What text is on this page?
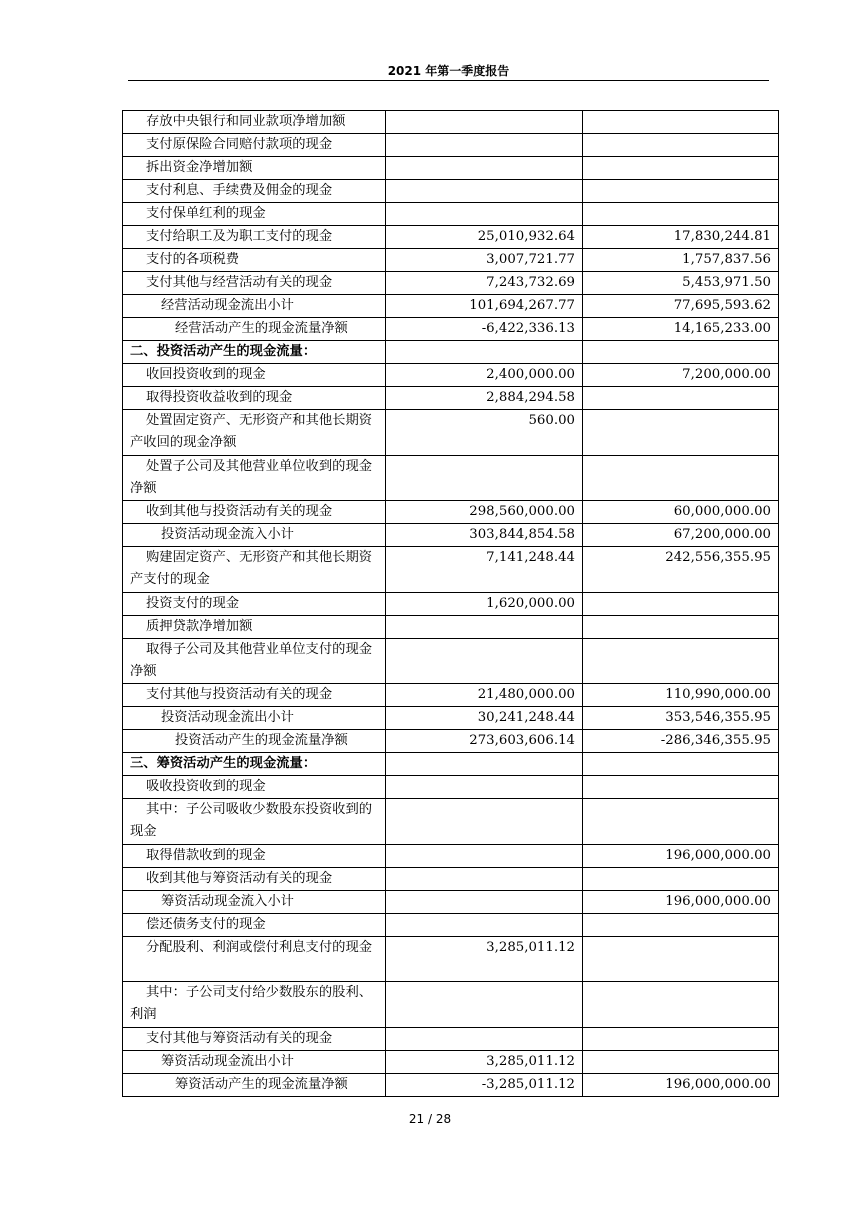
2021 年第一季度报告
存放中央银行和同业款项净增加额		
支付原保险合同赔付款项的现金		
拆出资金净增加额		
支付利息、手续费及佣金的现金		
支付保单红利的现金		
支付给职工及为职工支付的现金	25,010,932.64	17,830,244.81
支付的各项税费	3,007,721.77	1,757,837.56
支付其他与经营活动有关的现金	7,243,732.69	5,453,971.50
经营活动现金流出小计	101,694,267.77	77,695,593.62
经营活动产生的现金流量净额	-6,422,336.13	14,165,233.00
二、投资活动产生的现金流量：		
收回投资收到的现金	2,400,000.00	7,200,000.00
取得投资收益收到的现金	2,884,294.58	
处置固定资产、无形资产和其他长期资产收回的现金净额	560.00	
处置子公司及其他营业单位收到的现金净额		
收到其他与投资活动有关的现金	298,560,000.00	60,000,000.00
投资活动现金流入小计	303,844,854.58	67,200,000.00
购建固定资产、无形资产和其他长期资产支付的现金	7,141,248.44	242,556,355.95
投资支付的现金	1,620,000.00	
质押贷款净增加额		
取得子公司及其他营业单位支付的现金净额		
支付其他与投资活动有关的现金	21,480,000.00	110,990,000.00
投资活动现金流出小计	30,241,248.44	353,546,355.95
投资活动产生的现金流量净额	273,603,606.14	-286,346,355.95
三、筹资活动产生的现金流量：		
吸收投资收到的现金		
其中：子公司吸收少数股东投资收到的现金		
取得借款收到的现金		196,000,000.00
收到其他与筹资活动有关的现金		
筹资活动现金流入小计		196,000,000.00
偿还债务支付的现金		
分配股利、利润或偿付利息支付的现金	3,285,011.12	
其中：子公司支付给少数股东的股利、利润		
支付其他与筹资活动有关的现金		
筹资活动现金流出小计	3,285,011.12	
筹资活动产生的现金流量净额	-3,285,011.12	196,000,000.00
21 / 28
